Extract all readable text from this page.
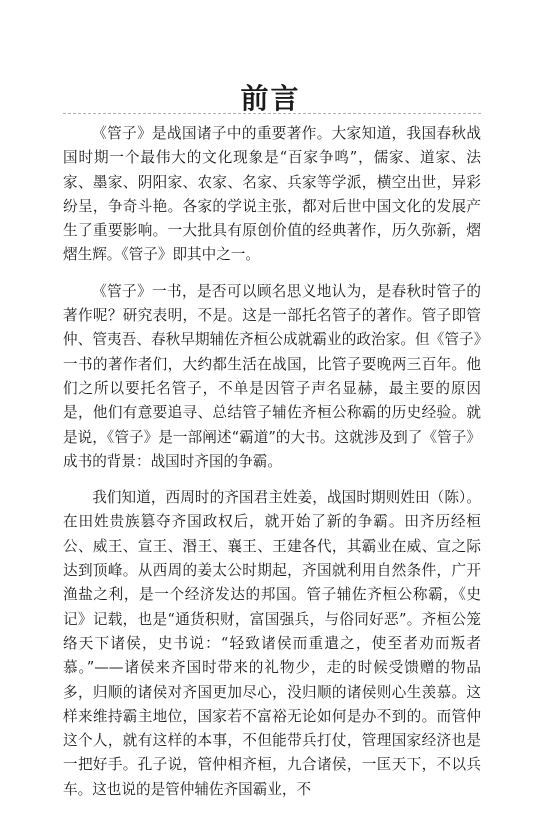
前言

《管子》是战国诸子中的重要著作。大家知道，我国春秋战国时期一个最伟大的文化现象是“百家争鸣”，儒家、道家、法家、墨家、阴阳家、农家、名家、兵家等学派，横空出世，异彩纷呈，争奇斗艳。各家的学说主张，都对后世中国文化的发展产生了重要影响。一大批具有原创价值的经典著作，历久弥新，熠熠生辉。《管子》即其中之一。

《管子》一书，是否可以顾名思义地认为，是春秋时管子的著作呢？研究表明，不是。这是一部托名管子的著作。管子即管仲、管夷吾、春秋早期辅佐齐桓公成就霸业的政治家。但《管子》一书的著作者们，大约都生活在战国，比管子要晚两三百年。他们之所以要托名管子，不单是因管子声名显赫，最主要的原因是，他们有意要追寻、总结管子辅佐齐桓公称霸的历史经验。就是说，《管子》是一部阐述“霸道”的大书。这就涉及到了《管子》成书的背景：战国时齐国的争霸。

我们知道，西周时的齐国君主姓姜，战国时期则姓田（陈）。在田姓贵族篡夺齐国政权后，就开始了新的争霸。田齐历经桓公、威王、宣王、湣王、襄王、王建各代，其霸业在威、宣之际达到顶峰。从西周的姜太公时期起，齐国就利用自然条件，广开渔盐之利，是一个经济发达的邦国。管子辅佐齐桓公称霸，《史记》记载，也是“通货积财，富国强兵，与俗同好恶”。齐桓公笼络天下诸侯，史书说：“轻致诸侯而重遣之，使至者劝而叛者慕。”——诸侯来齐国时带来的礼物少，走的时候受馈赠的物品多，归顺的诸侯对齐国更加尽心，没归顺的诸侯则心生羡慕。这样来维持霸主地位，国家若不富裕无论如何是办不到的。而管仲这个人，就有这样的本事，不但能带兵打仗，管理国家经济也是一把好手。孔子说，管仲相齐桓，九合诸侯，一匡天下，不以兵车。这也说的是管仲辅佐齐国霸业，不
